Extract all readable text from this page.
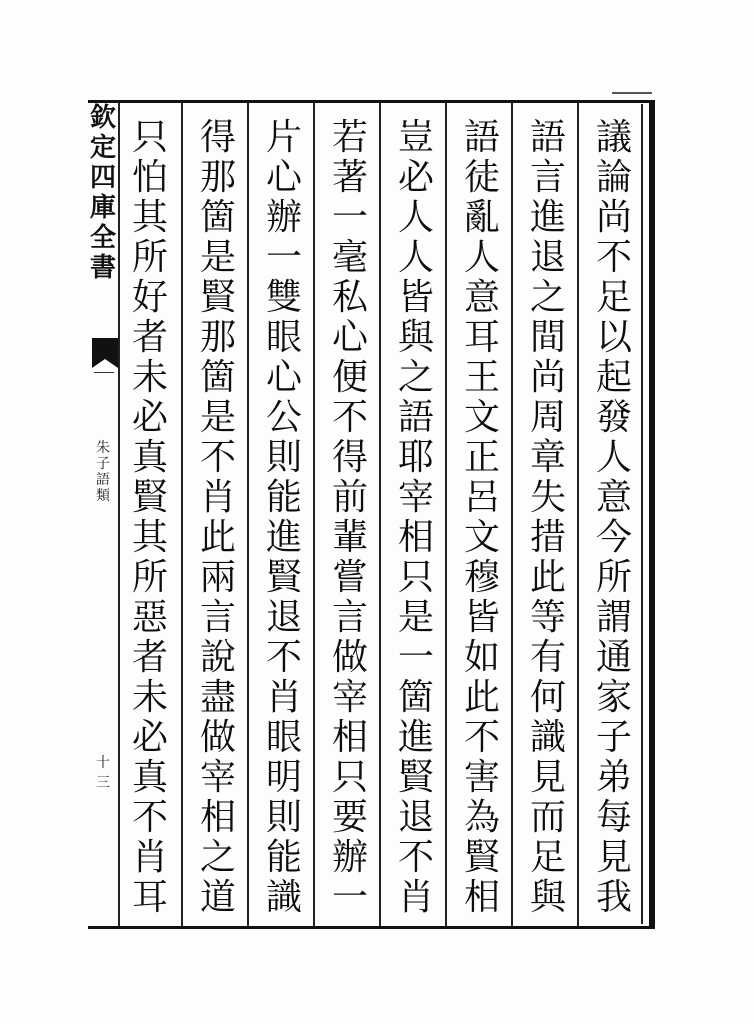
欽
定
四
庫
全
書
朱
子
語
類
十三
議
論
尚
不
足
以
起
發
人
意
今
所
謂
通
家
子
弟
每
見
我
語
言
進
退
之
間
尚
周
章
失
措
此
等
有
何
識
見
而
足
與
語
徒
亂
人
意
耳
王
文
正
呂
文
穆
皆
如
此
不
害
為
賢
相
豈
必
人
人
皆
與
之
語
耶
宰
相
只
是
一
箇
進
賢
退
不
肖
若
著
一
毫
私
心
便
不
得
前
輩
嘗
言
做
宰
相
只
要
辦
一
片
心
辦
一
雙
眼
心
公
則
能
進
賢
退
不
肖
眼
明
則
能
識
得
那
箇
是
賢
那
箇
是
不
肖
此
兩
言
說
盡
做
宰
相
之
道
只
怕
其
所
好
者
未
必
真
賢
其
所
惡
者
未
必
真
不
肖
耳
